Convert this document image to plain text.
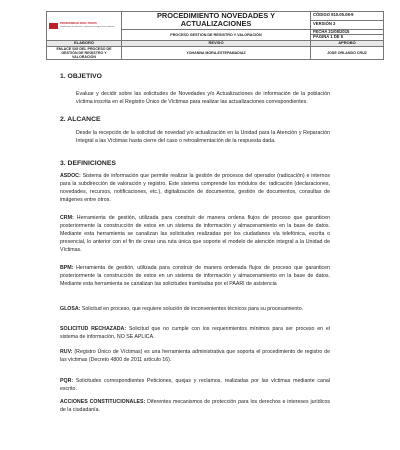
PROSPERIDAD PARA TODOS
Unidad para la atención y reparación integral a las víctimas	PROCEDIMIENTO NOVEDADES Y ACTUALIZACIONES	CÓDIGO 910.05.08-9
		VERSIÓN 3
	PROCESO GESTION DE REGISTRO Y VALORACIÓN	FECHA 21/08/2015
		PÁGINA 1 DE 6
ELABORÓ	REVISÓ	APROBÓ
ENLACE SIG DEL PROCESO DE GESTIÓN DE REGISTRO Y VALORACIÓN	YOHANNA MORA-ESTEPAMADIAZ	JOSE ORLANDO CRUZ
1. OBJETIVO

Evaluar y decidir sobre las solicitudes de Novedades y/o Actualizaciones de información de la población víctima inscrita en el Registro Único de Víctimas para realizar las actualizaciones correspondientes.

2. ALCANCE

Desde la recepción de la solicitud de novedad y/o actualización en la Unidad para la Atención y Reparación Integral a las Víctimas hasta cierre del caso o retroalimentación de la respuesta dada.

3. DEFINICIONES

ASDOC: Sistema de información que permite realizar la gestión de procesos del operador (radicación) e internos para la subdirección de valoración y registro. Este sistema comprende los módulos de: radicación (declaraciones, novedades, recursos, notificaciones, etc.), digitalización de documentos, gestión de documentos, consultas de imágenes entre otros.

CRM: Herramienta de gestión, utilizada para construir de manera ordena flujos de proceso que garanticen posteriormente la construcción de estos en un sistema de información y almacenamiento en la base de datos. Mediante esta herramienta se canalizan las solicitudes realizadas por los ciudadanos vía telefónica, escrita o presencial, lo anterior con el fin de crear una ruta única que soporte el modelo de atención integral a la Unidad de Víctimas.

BPM: Herramienta de gestión, utilizada para construir de manera ordenada flujos de proceso que garanticen posteriormente la construcción de estos en un sistema de información y almacenamiento en la base de datos. Mediante esta herramienta se canalizan las solicitudes tramitadas por el PAARI de asistencia

GLOSA: Solicitud en proceso, que requiere solución de inconvenientes técnicos para su procesamiento.

SOLICITUD RECHAZADA: Solicitud que no cumple con los requerimientos mínimos para ser proceso en el sistema de información, NO SE APLICA.

RUV: (Registro Único de Víctimas) es una herramienta administrativa que soporta el procedimiento de registro de las víctimas (Decreto 4800 de 2011 artículo 16).

PQR: Solicitudes correspondientes Peticiones, quejas y reclamos, realizadas por las víctimas mediante canal escrito.

ACCIONES CONSTITUCIONALES: Diferentes mecanismos de protección para los derechos e intereses jurídicos de la ciudadanía.
